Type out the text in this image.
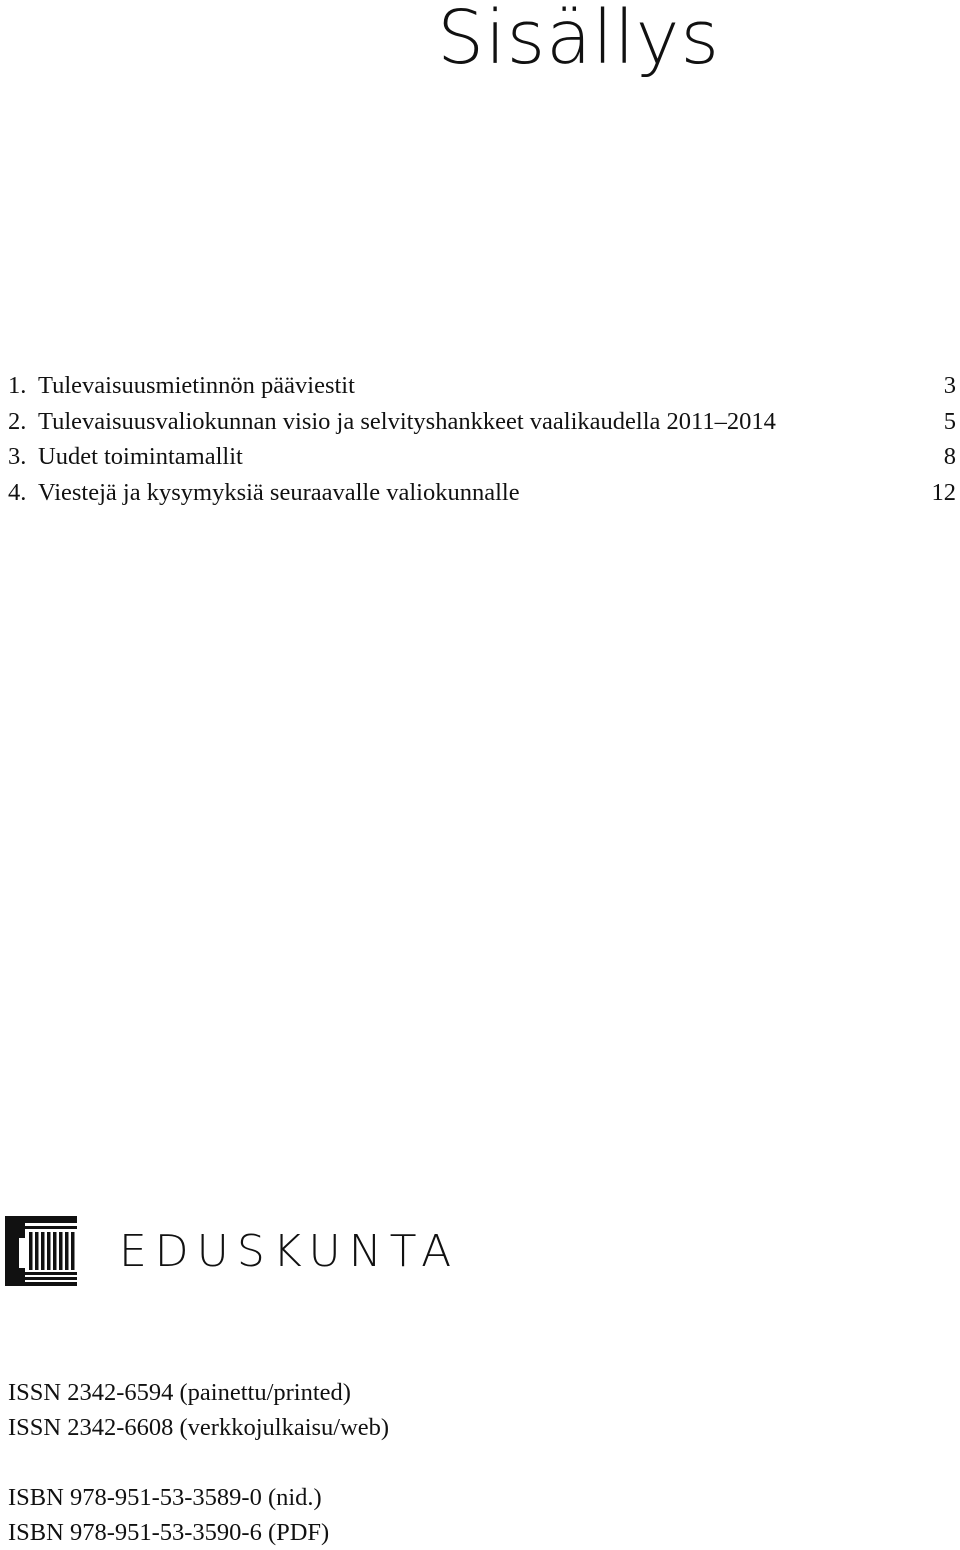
Sisällys
1. Tulevaisuusmietinnön pääviestit	3
2. Tulevaisuusvaliokunnan visio ja selvityshankkeet vaalikaudella 2011–2014	5
3. Uudet toimintamallit	8
4. Viestejä ja kysymyksiä seuraavalle valiokunnalle	12
EDUSKUNTA
ISSN 2342-6594 (painettu/printed)
ISSN 2342-6608 (verkkojulkaisu/web)
ISBN 978-951-53-3589-0 (nid.)
ISBN 978-951-53-3590-6 (PDF)
